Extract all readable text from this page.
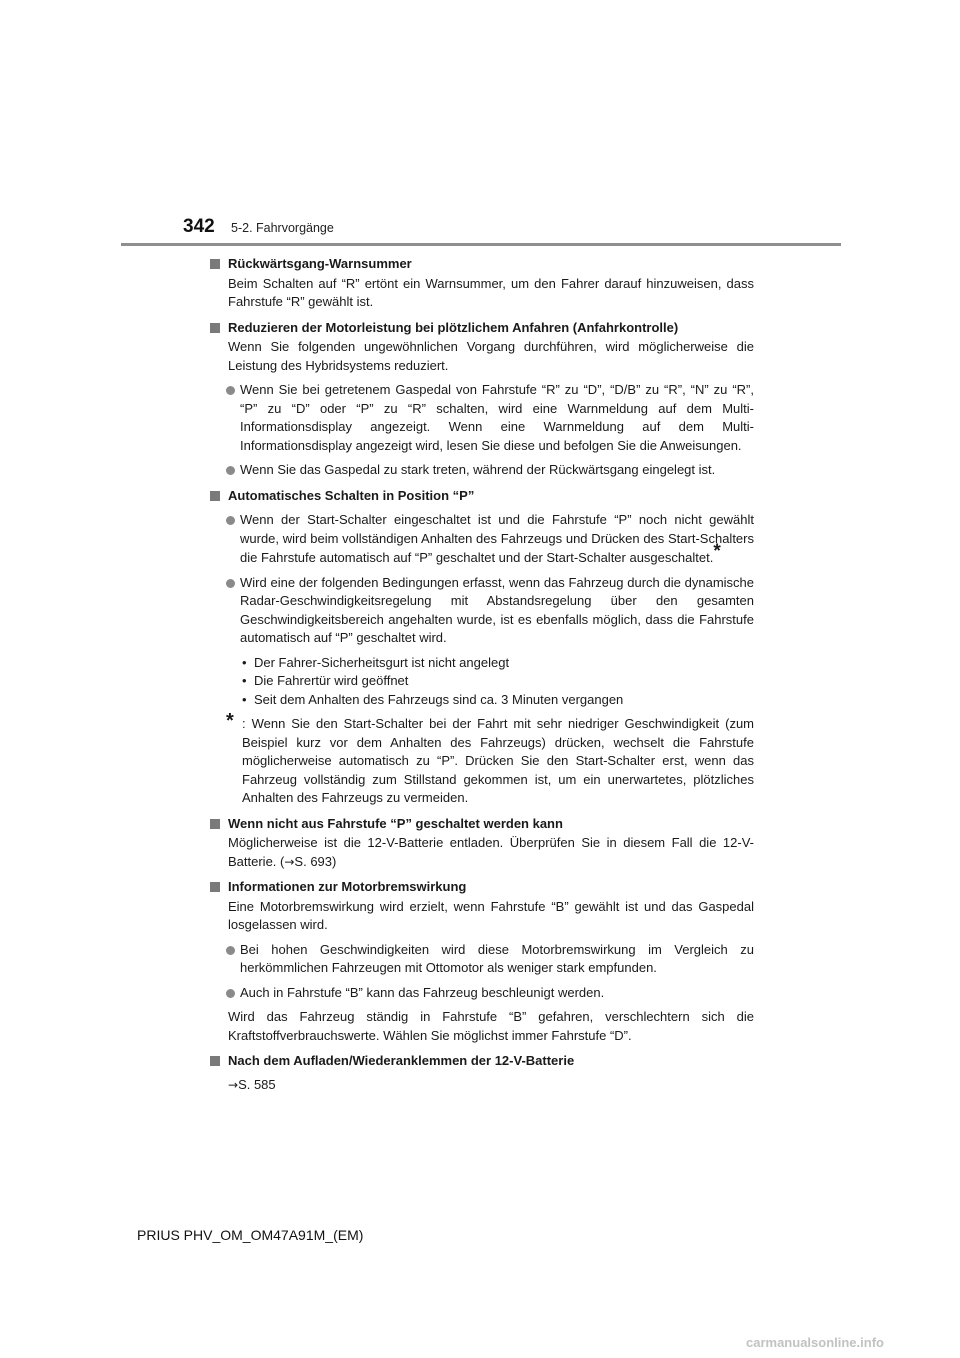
342 5-2. Fahrvorgänge
Rückwärtsgang-Warnsummer
Beim Schalten auf “R” ertönt ein Warnsummer, um den Fahrer darauf hinzuweisen, dass Fahrstufe “R” gewählt ist.
Reduzieren der Motorleistung bei plötzlichem Anfahren (Anfahrkontrolle)
Wenn Sie folgenden ungewöhnlichen Vorgang durchführen, wird möglicherweise die Leistung des Hybridsystems reduziert.
Wenn Sie bei getretenem Gaspedal von Fahrstufe “R” zu “D”, “D/B” zu “R”, “N” zu “R”, “P” zu “D” oder “P” zu “R” schalten, wird eine Warnmeldung auf dem Multi-Informationsdisplay angezeigt. Wenn eine Warnmeldung auf dem Multi-Informationsdisplay angezeigt wird, lesen Sie diese und befolgen Sie die Anweisungen.
Wenn Sie das Gaspedal zu stark treten, während der Rückwärtsgang eingelegt ist.
Automatisches Schalten in Position “P”
Wenn der Start-Schalter eingeschaltet ist und die Fahrstufe “P” noch nicht gewählt wurde, wird beim vollständigen Anhalten des Fahrzeugs und Drücken des Start-Schalters die Fahrstufe automatisch auf “P” geschaltet und der Start-Schalter ausgeschaltet.*
Wird eine der folgenden Bedingungen erfasst, wenn das Fahrzeug durch die dynamische Radar-Geschwindigkeitsregelung mit Abstandsregelung über den gesamten Geschwindigkeitsbereich angehalten wurde, ist es ebenfalls möglich, dass die Fahrstufe automatisch auf “P” geschaltet wird.
• Der Fahrer-Sicherheitsgurt ist nicht angelegt
• Die Fahrertür wird geöffnet
• Seit dem Anhalten des Fahrzeugs sind ca. 3 Minuten vergangen
* : Wenn Sie den Start-Schalter bei der Fahrt mit sehr niedriger Geschwindigkeit (zum Beispiel kurz vor dem Anhalten des Fahrzeugs) drücken, wechselt die Fahrstufe möglicherweise automatisch zu “P”. Drücken Sie den Start-Schalter erst, wenn das Fahrzeug vollständig zum Stillstand gekommen ist, um ein unerwartetes, plötzliches Anhalten des Fahrzeugs zu vermeiden.
Wenn nicht aus Fahrstufe “P” geschaltet werden kann
Möglicherweise ist die 12-V-Batterie entladen. Überprüfen Sie in diesem Fall die 12-V-Batterie. (→S. 693)
Informationen zur Motorbremswirkung
Eine Motorbremswirkung wird erzielt, wenn Fahrstufe “B” gewählt ist und das Gaspedal losgelassen wird.
Bei hohen Geschwindigkeiten wird diese Motorbremswirkung im Vergleich zu herkömmlichen Fahrzeugen mit Ottomotor als weniger stark empfunden.
Auch in Fahrstufe “B” kann das Fahrzeug beschleunigt werden.
Wird das Fahrzeug ständig in Fahrstufe “B” gefahren, verschlechtern sich die Kraftstoffverbrauchswerte. Wählen Sie möglichst immer Fahrstufe “D”.
Nach dem Aufladen/Wiederanklemmen der 12-V-Batterie
→S. 585
PRIUS PHV_OM_OM47A91M_(EM)
carmanualsonline.info
